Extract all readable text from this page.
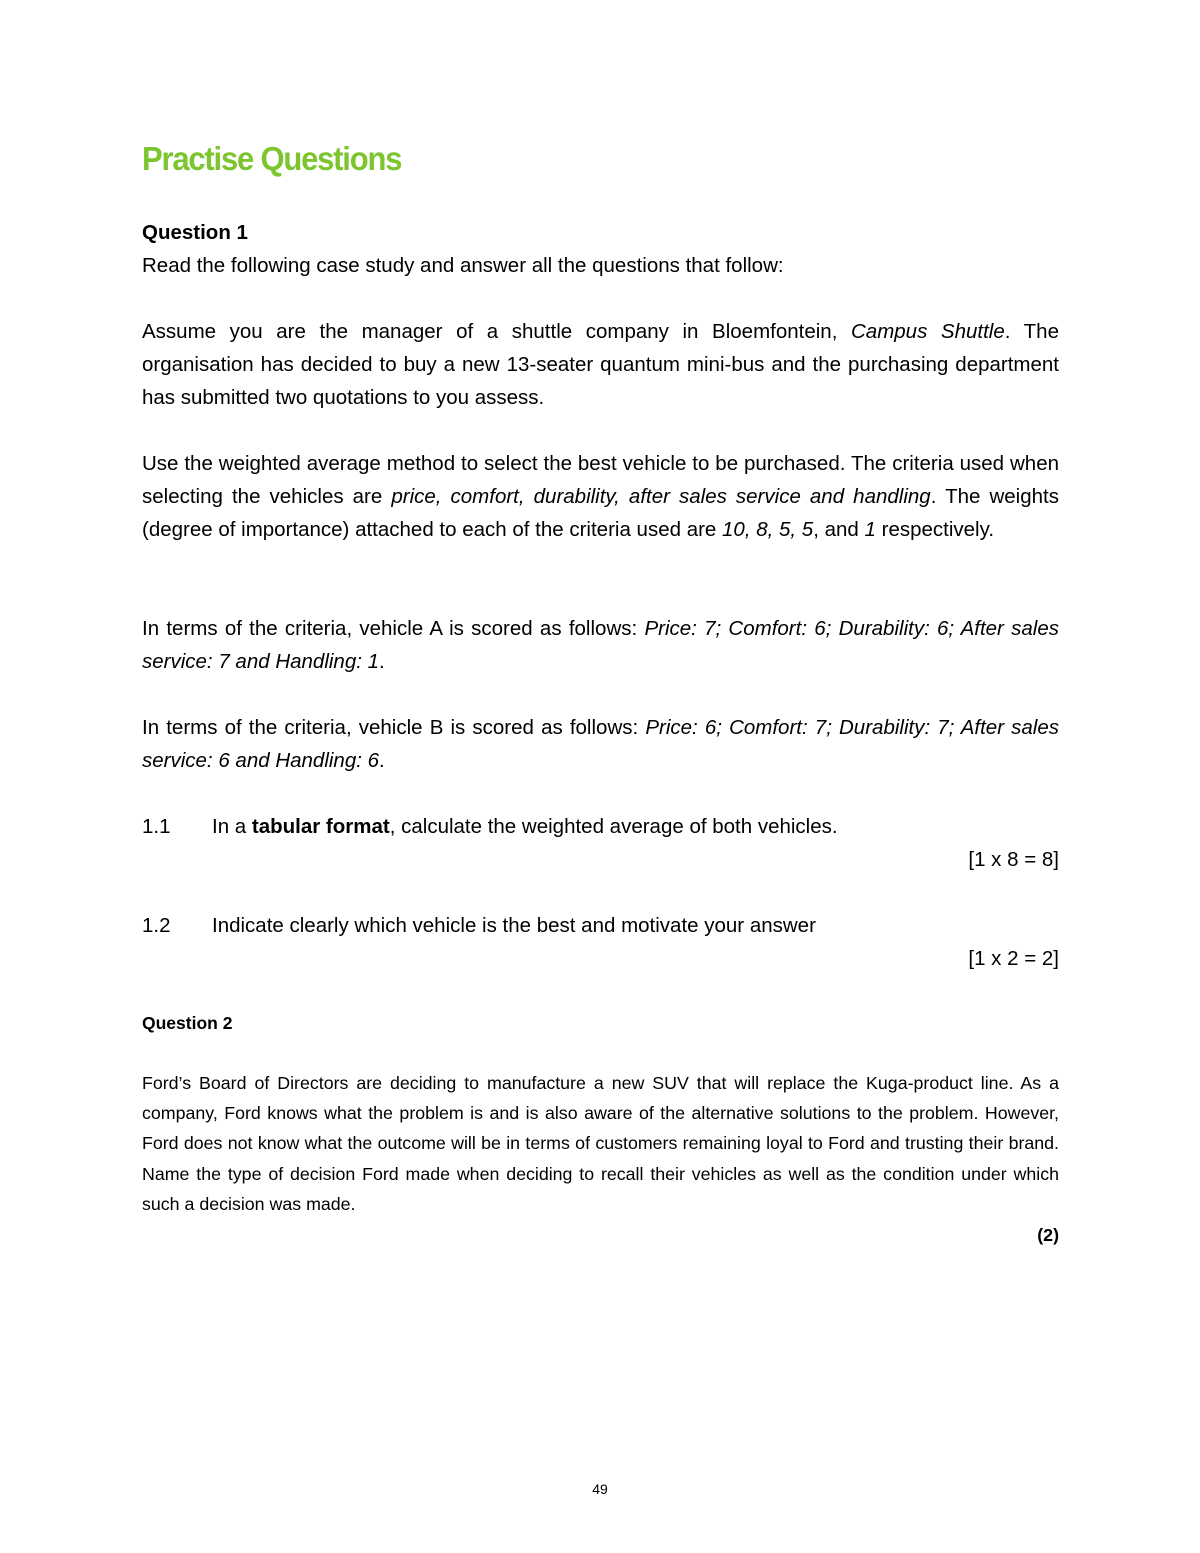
Practise Questions

Question 1

Read the following case study and answer all the questions that follow:

Assume you are the manager of a shuttle company in Bloemfontein, Campus Shuttle. The organisation has decided to buy a new 13-seater quantum mini-bus and the purchasing department has submitted two quotations to you assess.

Use the weighted average method to select the best vehicle to be purchased. The criteria used when selecting the vehicles are price, comfort, durability, after sales service and handling. The weights (degree of importance) attached to each of the criteria used are 10, 8, 5, 5, and 1 respectively.

In terms of the criteria, vehicle A is scored as follows: Price: 7; Comfort: 6; Durability: 6; After sales service: 7 and Handling: 1.

In terms of the criteria, vehicle B is scored as follows: Price: 6; Comfort: 7; Durability: 7; After sales service: 6 and Handling: 6.

1.1 In a tabular format, calculate the weighted average of both vehicles.
[1 x 8 = 8]
1.2 Indicate clearly which vehicle is the best and motivate your answer
[1 x 2 = 2]

Question 2

Ford’s Board of Directors are deciding to manufacture a new SUV that will replace the Kuga-product line. As a company, Ford knows what the problem is and is also aware of the alternative solutions to the problem. However, Ford does not know what the outcome will be in terms of customers remaining loyal to Ford and trusting their brand. Name the type of decision Ford made when deciding to recall their vehicles as well as the condition under which such a decision was made.

(2)
49
